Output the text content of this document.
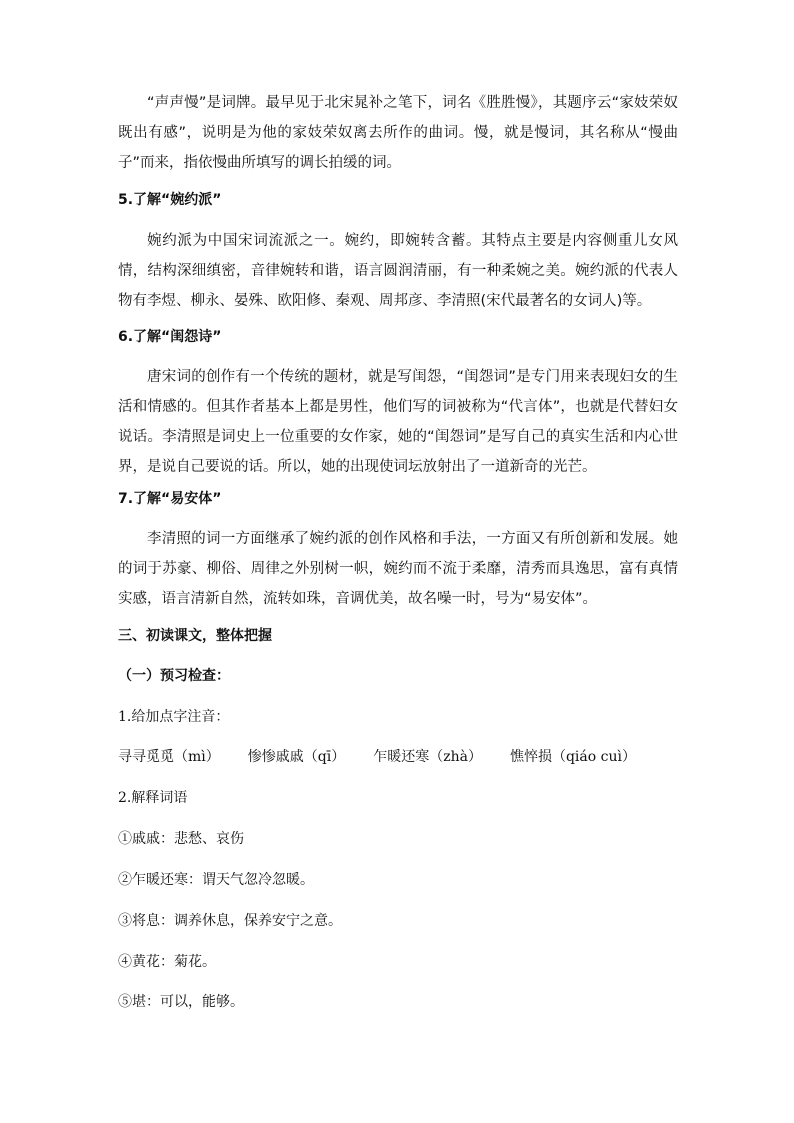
“声声慢”是词牌。最早见于北宋晁补之笔下，词名《胜胜慢》，其题序云“家妓荣奴既出有感”，说明是为他的家妓荣奴离去所作的曲词。慢，就是慢词，其名称从“慢曲子”而来，指依慢曲所填写的调长拍缓的词。

5.了解“婉约派”

婉约派为中国宋词流派之一。婉约，即婉转含蓄。其特点主要是内容侧重儿女风情，结构深细缜密，音律婉转和谐，语言圆润清丽，有一种柔婉之美。婉约派的代表人物有李煜、柳永、晏殊、欧阳修、秦观、周邦彦、李清照(宋代最著名的女词人)等。

6.了解“闺怨诗”

唐宋词的创作有一个传统的题材，就是写闺怨，“闺怨词”是专门用来表现妇女的生活和情感的。但其作者基本上都是男性，他们写的词被称为“代言体”，也就是代替妇女说话。李清照是词史上一位重要的女作家，她的“闺怨词”是写自己的真实生活和内心世界，是说自己要说的话。所以，她的出现使词坛放射出了一道新奇的光芒。

7.了解“易安体”

李清照的词一方面继承了婉约派的创作风格和手法，一方面又有所创新和发展。她的词于苏豪、柳俗、周律之外别树一帜，婉约而不流于柔靡，清秀而具逸思，富有真情实感，语言清新自然，流转如珠，音调优美，故名噪一时，号为“易安体”。

三、初读课文，整体把握

（一）预习检查：

1.给加点字注音：

寻寻觅觅（mì） 惨惨戚戚（qī） 乍暖还寒（zhà） 憔悴损（qiáo cuì）

2.解释词语

①戚戚：悲愁、哀伤

②乍暖还寒：谓天气忽冷忽暖。

③将息：调养休息，保养安宁之意。

④黄花：菊花。

⑤堪：可以，能够。
